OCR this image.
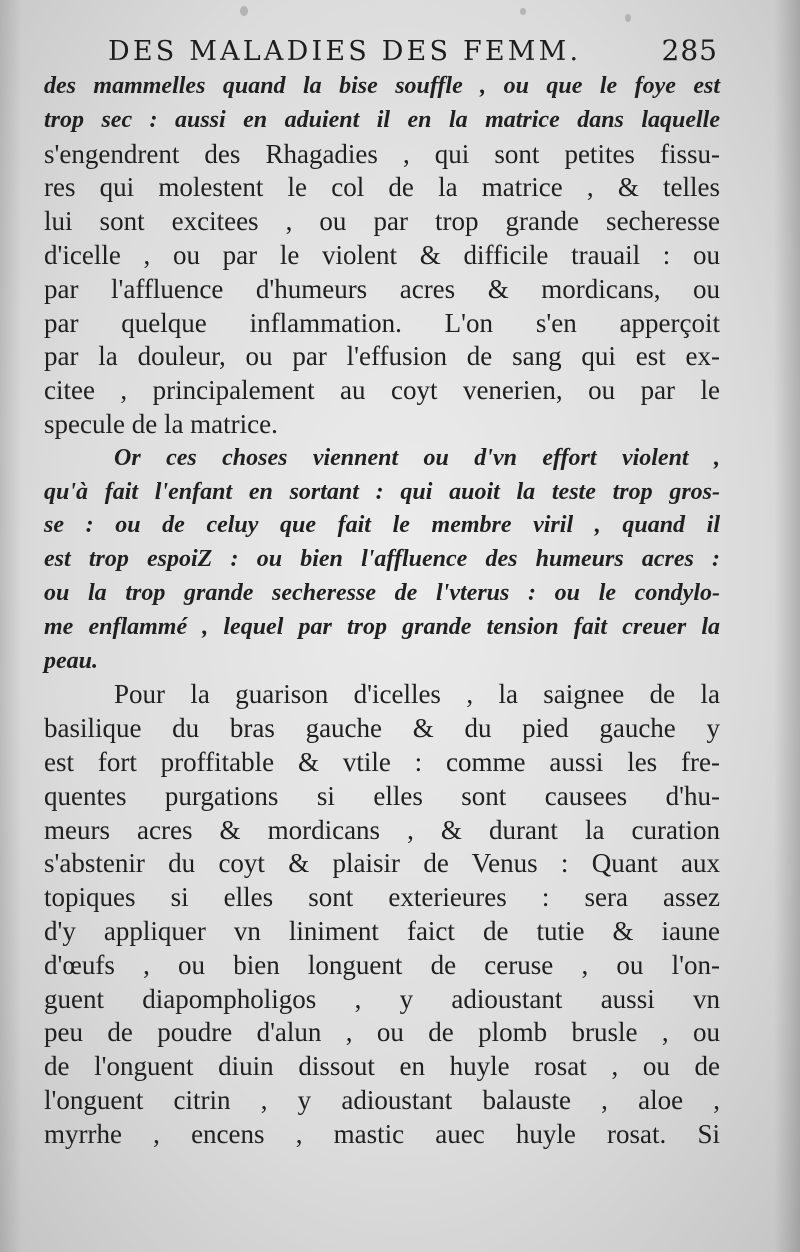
DES MALADIES DES FEMM.	285
des mammelles quand la bise souffle , ou que le foye est
trop sec : aussi en aduient il en la matrice dans laquelle
s'engendrent des Rhagadies , qui sont petites fissu-
res qui molestent le col de la matrice , & telles
lui sont excitees , ou par trop grande secheresse
d'icelle , ou par le violent & difficile trauail : ou
par l'affluence d'humeurs acres & mordicans, ou
par quelque inflammation. L'on s'en apperçoit
par la douleur, ou par l'effusion de sang qui est ex-
citee , principalement au coyt venerien, ou par le
specule de la matrice.
Or ces choses viennent ou d'vn effort violent ,
qu'à fait l'enfant en sortant : qui auoit la teste trop gros-
se : ou de celuy que fait le membre viril , quand il
est trop espoiZ : ou bien l'affluence des humeurs acres :
ou la trop grande secheresse de l'vterus : ou le condylo-
me enflammé , lequel par trop grande tension fait creuer la
peau.
Pour la guarison d'icelles , la saignee de la
basilique du bras gauche & du pied gauche y
est fort proffitable & vtile : comme aussi les fre-
quentes purgations si elles sont causees d'hu-
meurs acres & mordicans , & durant la curation
s'abstenir du coyt & plaisir de Venus : Quant aux
topiques si elles sont exterieures : sera assez
d'y appliquer vn liniment faict de tutie & iaune
d'œufs , ou bien longuent de ceruse , ou l'on-
guent diapompholigos , y adioustant aussi vn
peu de poudre d'alun , ou de plomb brusle , ou
de l'onguent diuin dissout en huyle rosat , ou de
l'onguent citrin , y adioustant balauste , aloe ,
myrrhe , encens , mastic auec huyle rosat. Si
